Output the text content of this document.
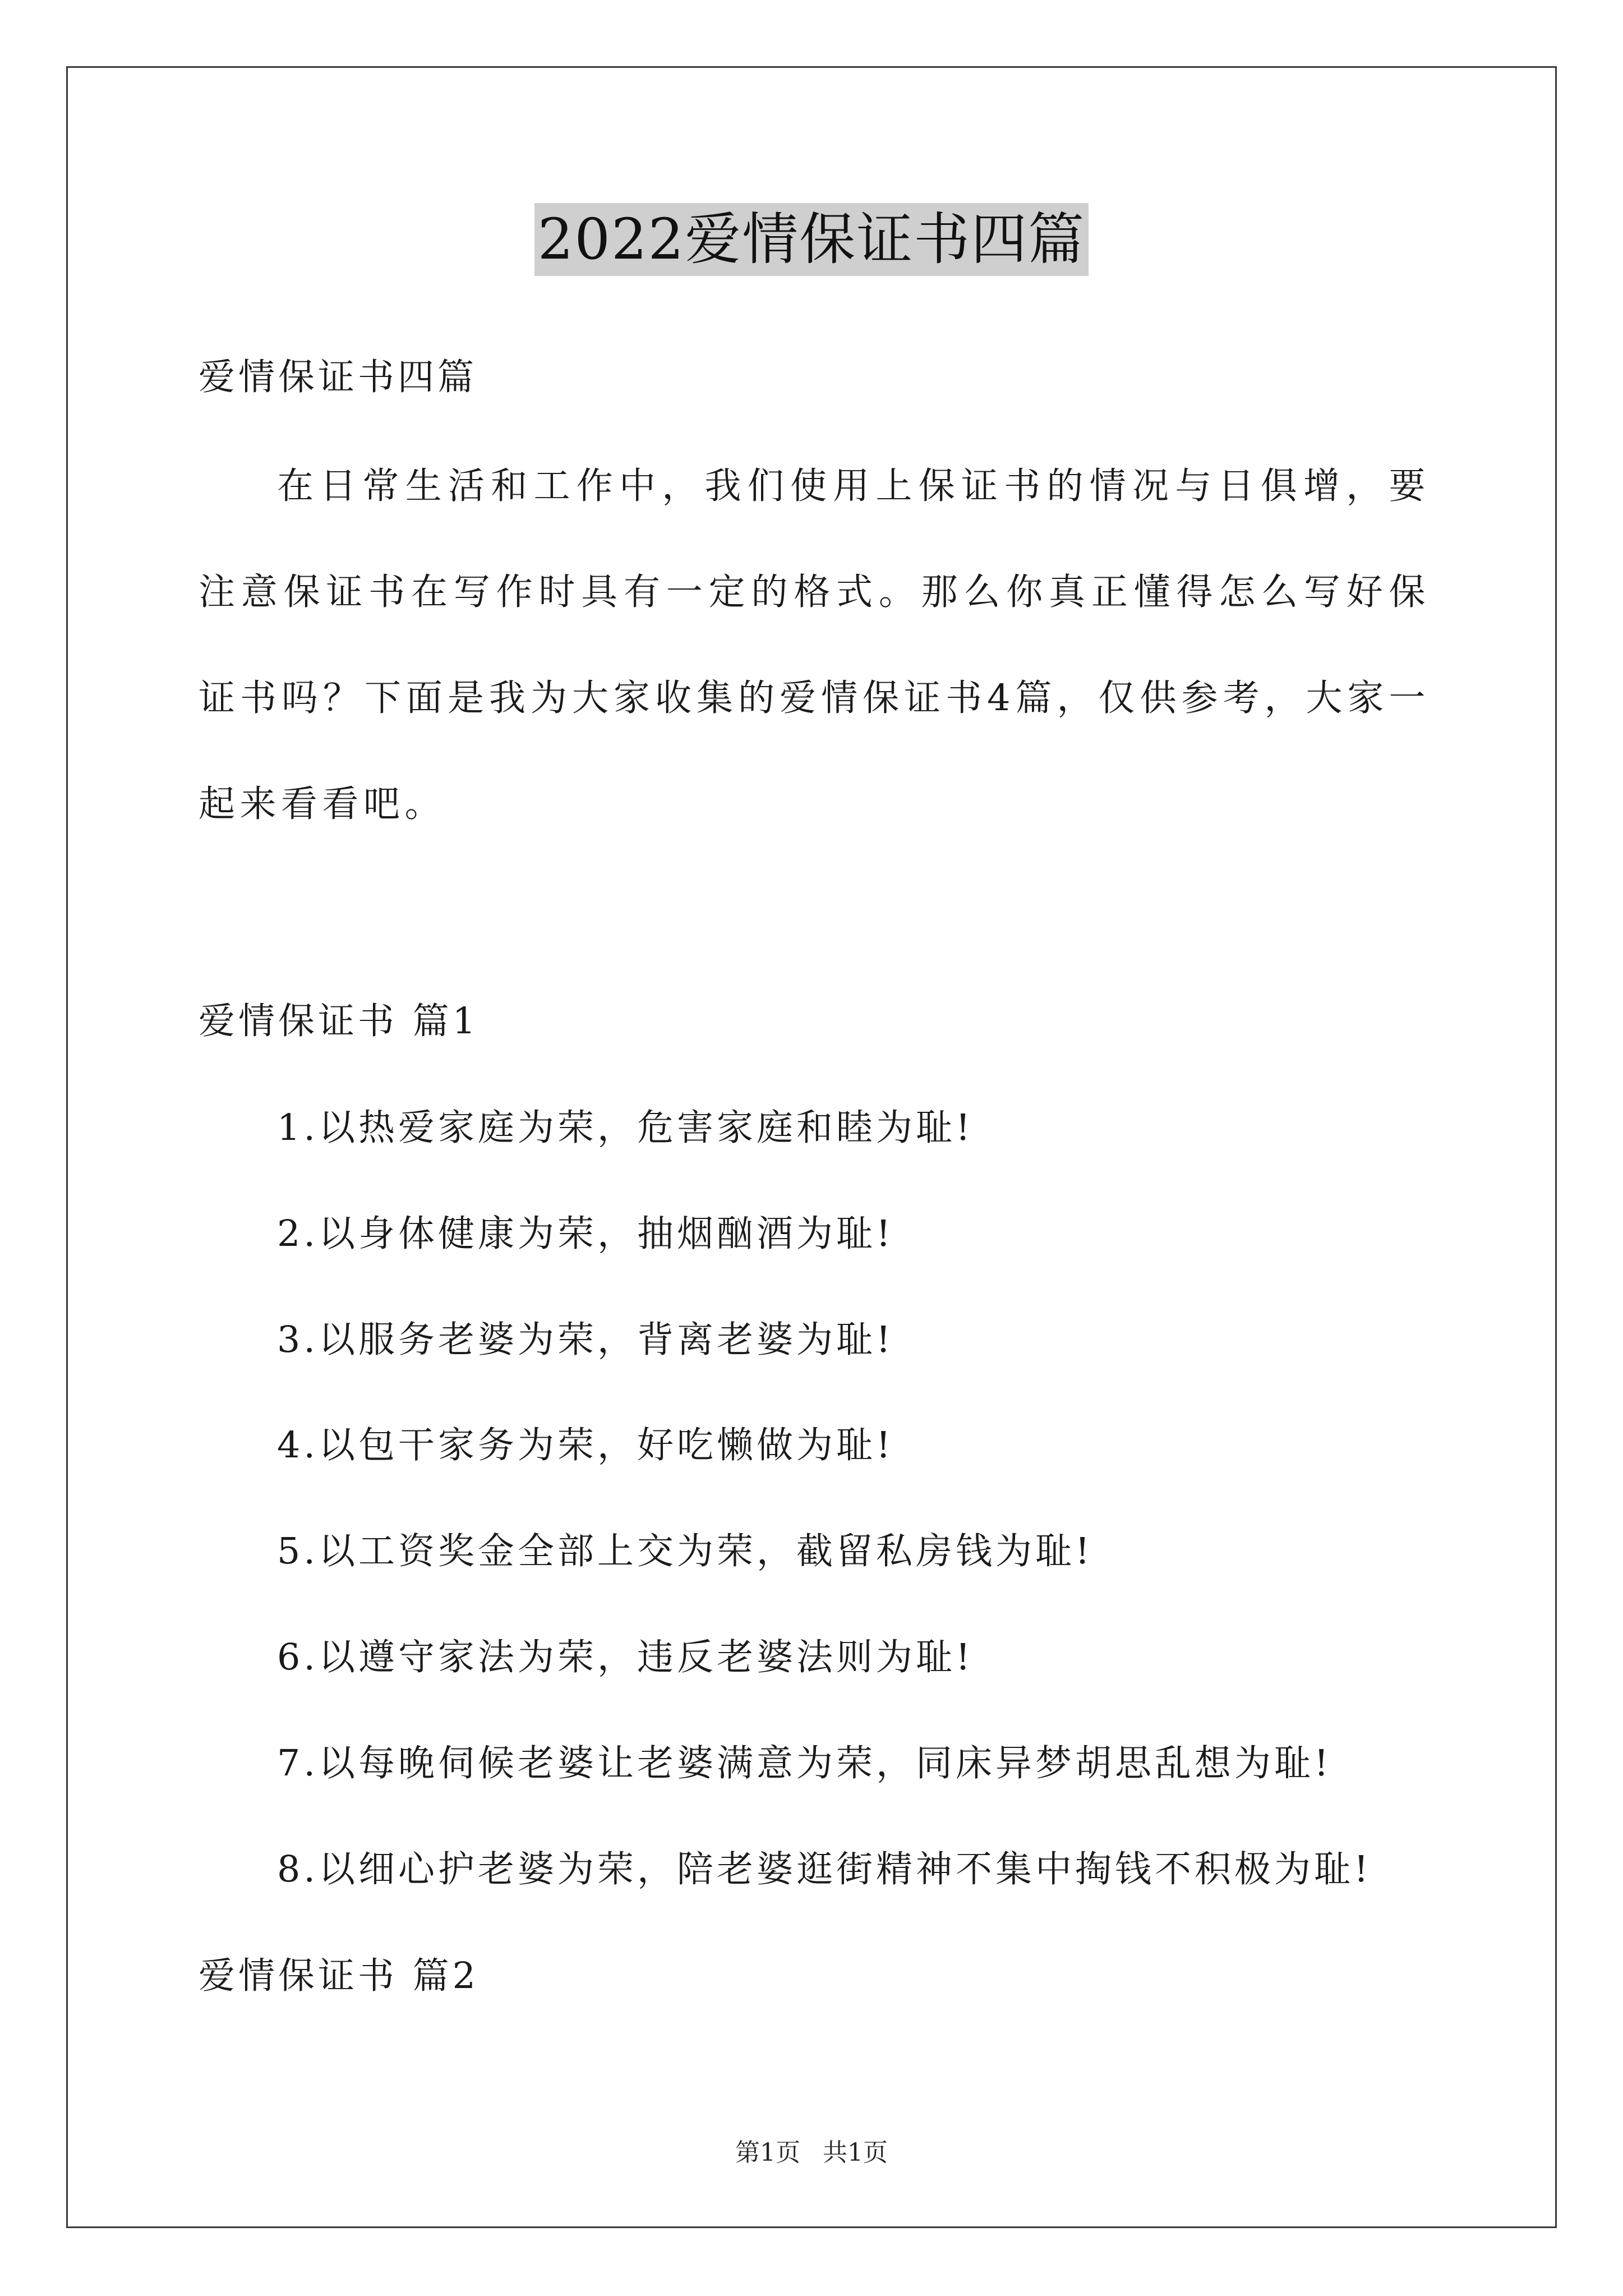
2022爱情保证书四篇
爱情保证书四篇
在日常生活和工作中，我们使用上保证书的情况与日俱增，要注意保证书在写作时具有一定的格式。那么你真正懂得怎么写好保证书吗？下面是我为大家收集的爱情保证书4篇，仅供参考，大家一起来看看吧。
爱情保证书 篇1
1.以热爱家庭为荣，危害家庭和睦为耻!
2.以身体健康为荣，抽烟酗酒为耻!
3.以服务老婆为荣，背离老婆为耻!
4.以包干家务为荣，好吃懒做为耻!
5.以工资奖金全部上交为荣，截留私房钱为耻!
6.以遵守家法为荣，违反老婆法则为耻!
7.以每晚伺候老婆让老婆满意为荣，同床异梦胡思乱想为耻!
8.以细心护老婆为荣，陪老婆逛街精神不集中掏钱不积极为耻!
爱情保证书 篇2
第1页 共1页
